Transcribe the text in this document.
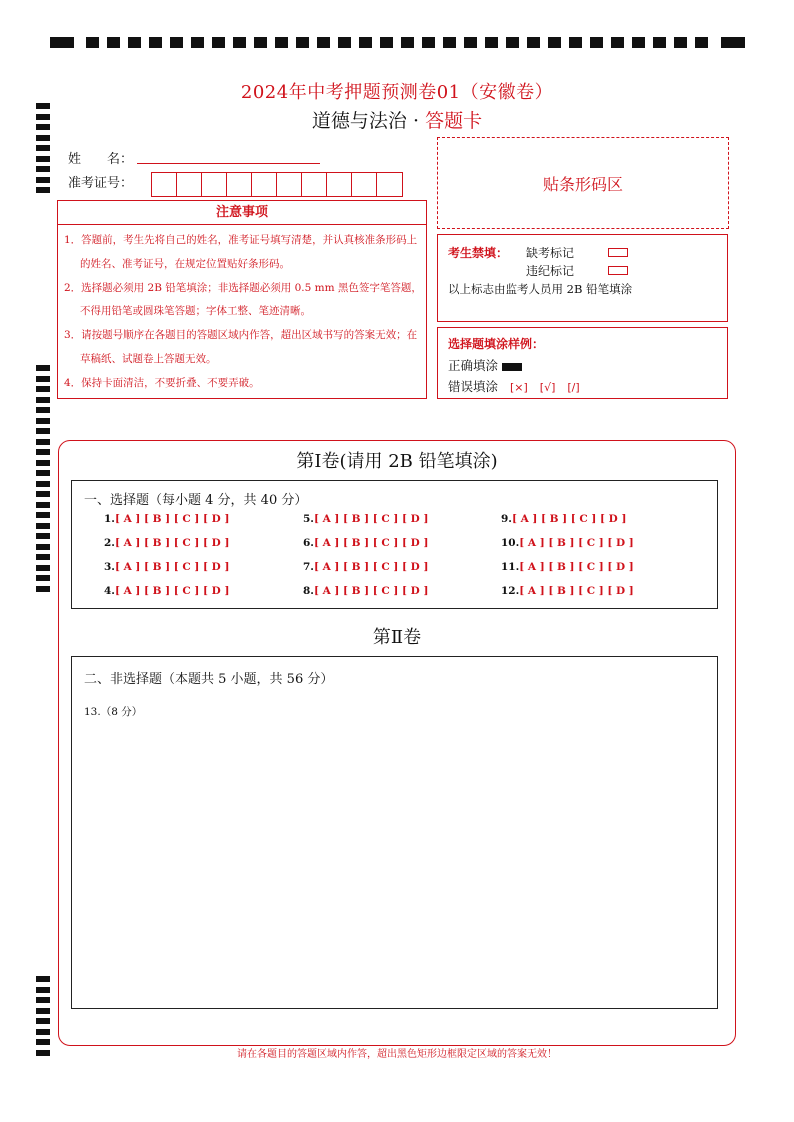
2024年中考押题预测卷01（安徽卷）
道德与法治 · 答题卡
姓　　名：
准考证号：	贴条形码区
注意事项
1．答题前，考生先将自己的姓名，准考证号填写清楚，并认真核准条形码上的姓名、准考证号，在规定位置贴好条形码。
2．选择题必须用 2B 铅笔填涂；非选择题必须用 0.5 mm 黑色签字笔答题，不得用铅笔或圆珠笔答题；字体工整、笔迹清晰。
3．请按题号顺序在各题目的答题区域内作答，超出区域书写的答案无效；在草稿纸、试题卷上答题无效。
4．保持卡面清洁，不要折叠、不要弄破。
考生禁填： 缺考标记
违纪标记
以上标志由监考人员用 2B 铅笔填涂
选择题填涂样例：
正确填涂
错误填涂 [×] [√] [/]
第Ⅰ卷(请用 2B 铅笔填涂)
一、选择题（每小题 4 分，共 40 分）
1.[ A ] [ B ] [ C ] [ D ]
2.[ A ] [ B ] [ C ] [ D ]
3.[ A ] [ B ] [ C ] [ D ]
4.[ A ] [ B ] [ C ] [ D ]
5.[ A ] [ B ] [ C ] [ D ]
6.[ A ] [ B ] [ C ] [ D ]
7.[ A ] [ B ] [ C ] [ D ]
8.[ A ] [ B ] [ C ] [ D ]
9.[ A ] [ B ] [ C ] [ D ]
10.[ A ] [ B ] [ C ] [ D ]
11.[ A ] [ B ] [ C ] [ D ]
12.[ A ] [ B ] [ C ] [ D ]
第Ⅱ卷
二、非选择题（本题共 5 小题，共 56 分）
13.（8 分）
请在各题目的答题区域内作答，超出黑色矩形边框限定区域的答案无效！
